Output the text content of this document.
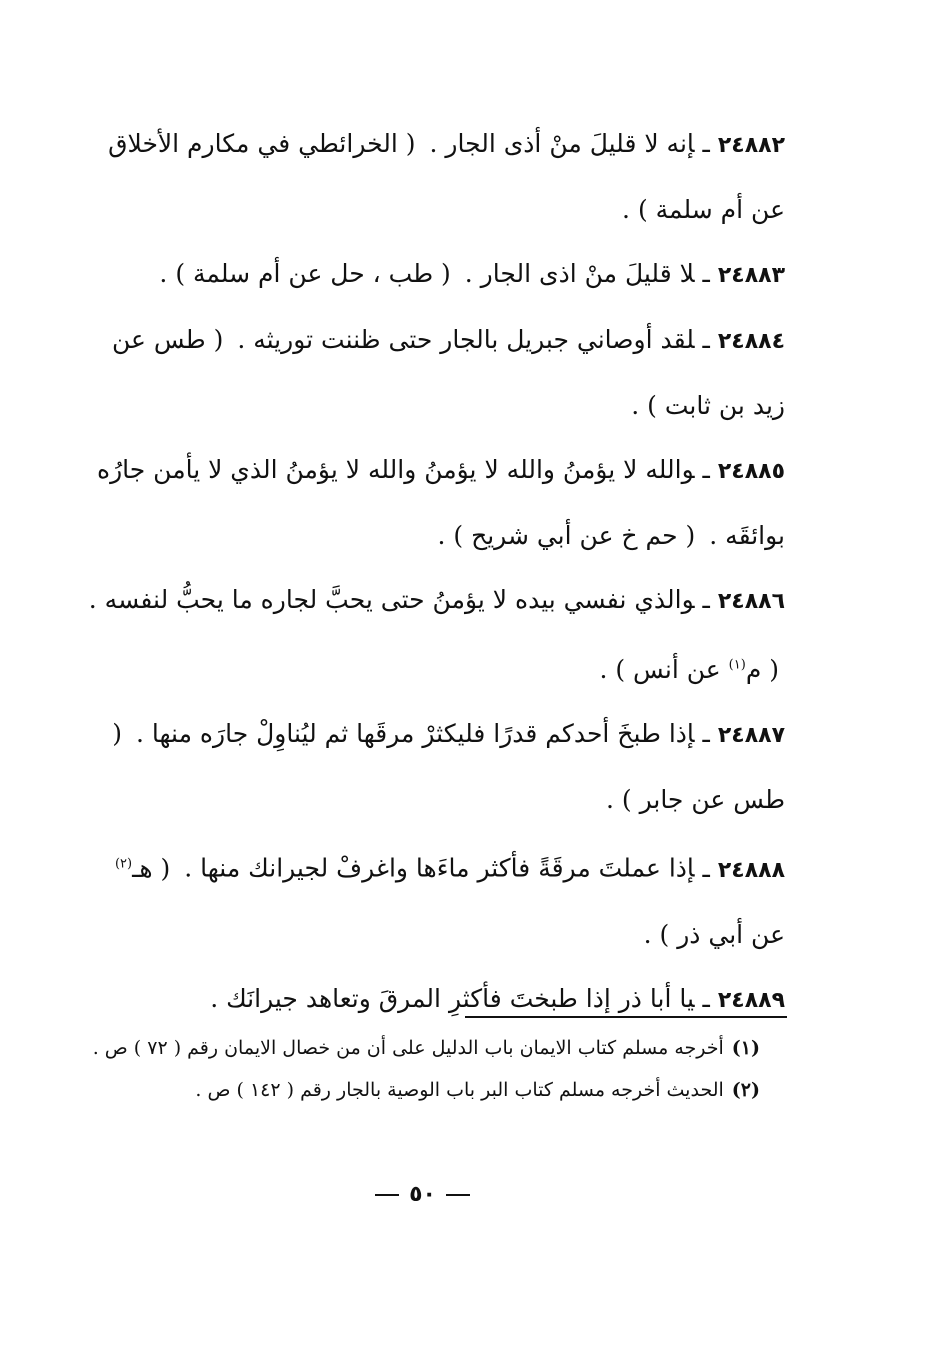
٢٤٨٨٢ـإنه لا قليلَ منْ أذى الجار . ( الخرائطي في مكارم الأخلاق عن أم سلمة ) .

٢٤٨٨٣ـلا قليلَ منْ اذى الجار . ( طب ، حل عن أم سلمة ) .

٢٤٨٨٤ـلقد أوصاني جبريل بالجار حتى ظننت توريثه . ( طس عن زيد بن ثابت ) .

٢٤٨٨٥ـوالله لا يؤمنُ والله لا يؤمنُ والله لا يؤمنُ الذي لا يأمن جارُه بوائقَه . ( حم خ عن أبي شريح ) .

٢٤٨٨٦ـوالذي نفسي بيده لا يؤمنُ حتى يحبَّ لجاره ما يحبُّ لنفسه . ( م$^{(١)}$ عن أنس ) .

٢٤٨٨٧ـإذا طبخَ أحدكم قدرًا فليكثرْ مرقَها ثم ليُناوِلْ جارَه منها . ( طس عن جابر ) .

٢٤٨٨٨ـإذا عملتَ مرقَةً فأكثر ماءَها واغرفْ لجيرانك منها . ( هـ$^{(٢)}$ عن أبي ذر ) .

٢٤٨٨٩ـيا أبا ذر إذا طبختَ فأكثرِ المرقَ وتعاهد جيرانَك .

(١)أخرجه مسلم كتاب الايمان باب الدليل على أن من خصال الايمان رقم ( ٧٢ ) ص .

(٢)الحديث أخرجه مسلم كتاب البر باب الوصية بالجار رقم ( ١٤٢ ) ص .

٥٠
